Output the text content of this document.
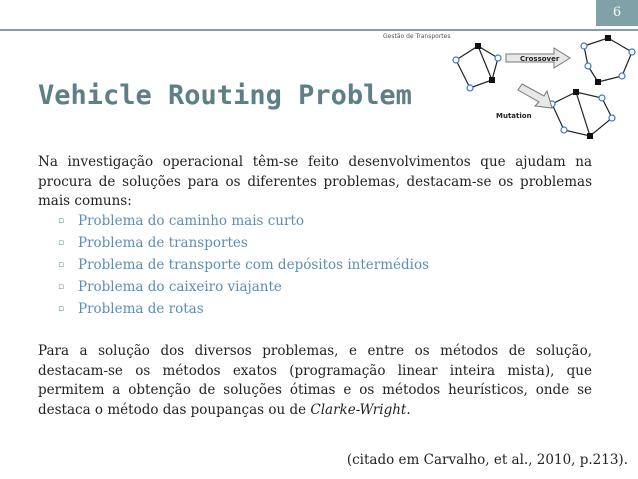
6
Gestão de Transportes
Crossover
Mutation
Vehicle Routing Problem

Na investigação operacional têm-se feito desenvolvimentos que ajudam na procura de soluções para os diferentes problemas, destacam-se os problemas mais comuns:

▫ Problema do caminho mais curto
▫ Problema de transportes
▫ Problema de transporte com depósitos intermédios
▫ Problema do caixeiro viajante
▫ Problema de rotas

Para a solução dos diversos problemas, e entre os métodos de solução, destacam-se os métodos exatos (programação linear inteira mista), que permitem a obtenção de soluções ótimas e os métodos heurísticos, onde se destaca o método das poupanças ou de Clarke-Wright.

(citado em Carvalho, et al., 2010, p.213).
